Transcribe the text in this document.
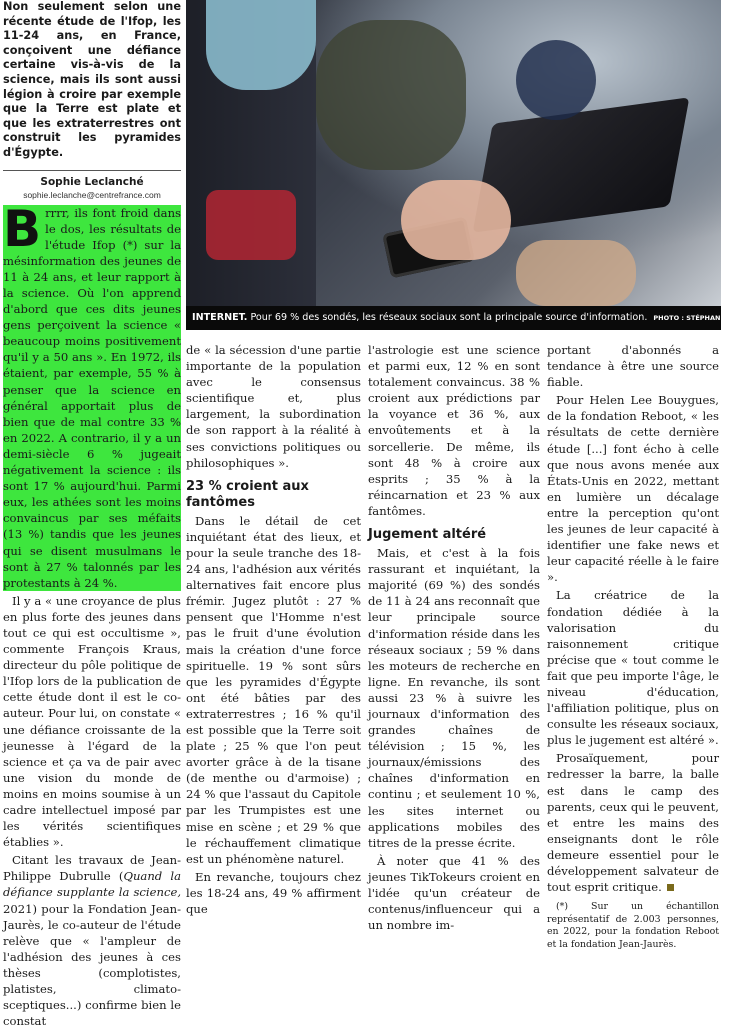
Non seulement selon une récente étude de l'Ifop, les 11-24 ans, en France, conçoivent une défiance certaine vis-à-vis de la science, mais ils sont aussi légion à croire par exemple que la Terre est plate et que les extraterrestres ont construit les pyramides d'Égypte.
Sophie Leclanché
sophie.leclanche@centrefrance.com

Brrrr, ils font froid dans le dos, les résultats de l'étude Ifop (*) sur la mésinformation des jeunes de 11 à 24 ans, et leur rapport à la science. Où l'on apprend d'abord que ces dits jeunes gens perçoivent la science « beaucoup moins positivement qu'il y a 50 ans ». En 1972, ils étaient, par exemple, 55 % à penser que la science en général apportait plus de bien que de mal contre 33 % en 2022. A contrario, il y a un demi-siècle 6 % jugeait négativement la science : ils sont 17 % aujourd'hui. Parmi eux, les athées sont les moins convaincus par ses méfaits (13 %) tandis que les jeunes qui se disent musulmans le sont à 27 % talonnés par les protestants à 24 %.

Il y a « une croyance de plus en plus forte des jeunes dans tout ce qui est occultisme », commente François Kraus, directeur du pôle politique de l'Ifop lors de la publication de cette étude dont il est le co-auteur. Pour lui, on constate « une défiance croissante de la jeunesse à l'égard de la science et ça va de pair avec une vision du monde de moins en moins soumise à un cadre intellectuel imposé par les vérités scientifiques établies ».

Citant les travaux de Jean-Philippe Dubrulle (Quand la défiance supplante la science, 2021) pour la Fondation Jean-Jaurès, le co-auteur de l'étude relève que « l'ampleur de l'adhésion des jeunes à ces thèses (complotistes, platistes, climato-sceptiques...) confirme bien le constat

INTERNET. Pour 69 % des sondés, les réseaux sociaux sont la principale source d'information. PHOTO : STÉPHANIE PARA

de « la sécession d'une partie importante de la population avec le consensus scientifique et, plus largement, la subordination de son rapport à la réalité à ses convictions politiques ou philosophiques ».

23 % croient aux fantômes

Dans le détail de cet inquiétant état des lieux, et pour la seule tranche des 18-24 ans, l'adhésion aux vérités alternatives fait encore plus frémir. Jugez plutôt : 27 % pensent que l'Homme n'est pas le fruit d'une évolution mais la création d'une force spirituelle. 19 % sont sûrs que les pyramides d'Égypte ont été bâties par des extraterrestres ; 16 % qu'il est possible que la Terre soit plate ; 25 % que l'on peut avorter grâce à de la tisane (de menthe ou d'armoise) ; 24 % que l'assaut du Capitole par les Trumpistes est une mise en scène ; et 29 % que le réchauffement climatique est un phénomène naturel.

En revanche, toujours chez les 18-24 ans, 49 % affirment que

l'astrologie est une science et parmi eux, 12 % en sont totalement convaincus. 38 % croient aux prédictions par la voyance et 36 %, aux envoûtements et à la sorcellerie. De même, ils sont 48 % à croire aux esprits ; 35 % à la réincarnation et 23 % aux fantômes.

Jugement altéré

Mais, et c'est à la fois rassurant et inquiétant, la majorité (69 %) des sondés de 11 à 24 ans reconnaît que leur principale source d'information réside dans les réseaux sociaux ; 59 % dans les moteurs de recherche en ligne. En revanche, ils sont aussi 23 % à suivre les journaux d'information des grandes chaînes de télévision ; 15 %, les journaux/émissions des chaînes d'information en continu ; et seulement 10 %, les sites internet ou applications mobiles des titres de la presse écrite.

À noter que 41 % des jeunes TikTokeurs croient en l'idée qu'un créateur de contenus/influenceur qui a un nombre im-

portant d'abonnés a tendance à être une source fiable.

Pour Helen Lee Bouygues, de la fondation Reboot, « les résultats de cette dernière étude [...] font écho à celle que nous avons menée aux États-Unis en 2022, mettant en lumière un décalage entre la perception qu'ont les jeunes de leur capacité à identifier une fake news et leur capacité réelle à le faire ».

La créatrice de la fondation dédiée à la valorisation du raisonnement critique précise que « tout comme le fait que peu importe l'âge, le niveau d'éducation, l'affiliation politique, plus on consulte les réseaux sociaux, plus le jugement est altéré ».

Prosaïquement, pour redresser la barre, la balle est dans le camp des parents, ceux qui le peuvent, et entre les mains des enseignants dont le rôle demeure essentiel pour le développement salvateur de tout esprit critique.

(*) Sur un échantillon représentatif de 2.003 personnes, en 2022, pour la fondation Reboot et la fondation Jean-Jaurès.
